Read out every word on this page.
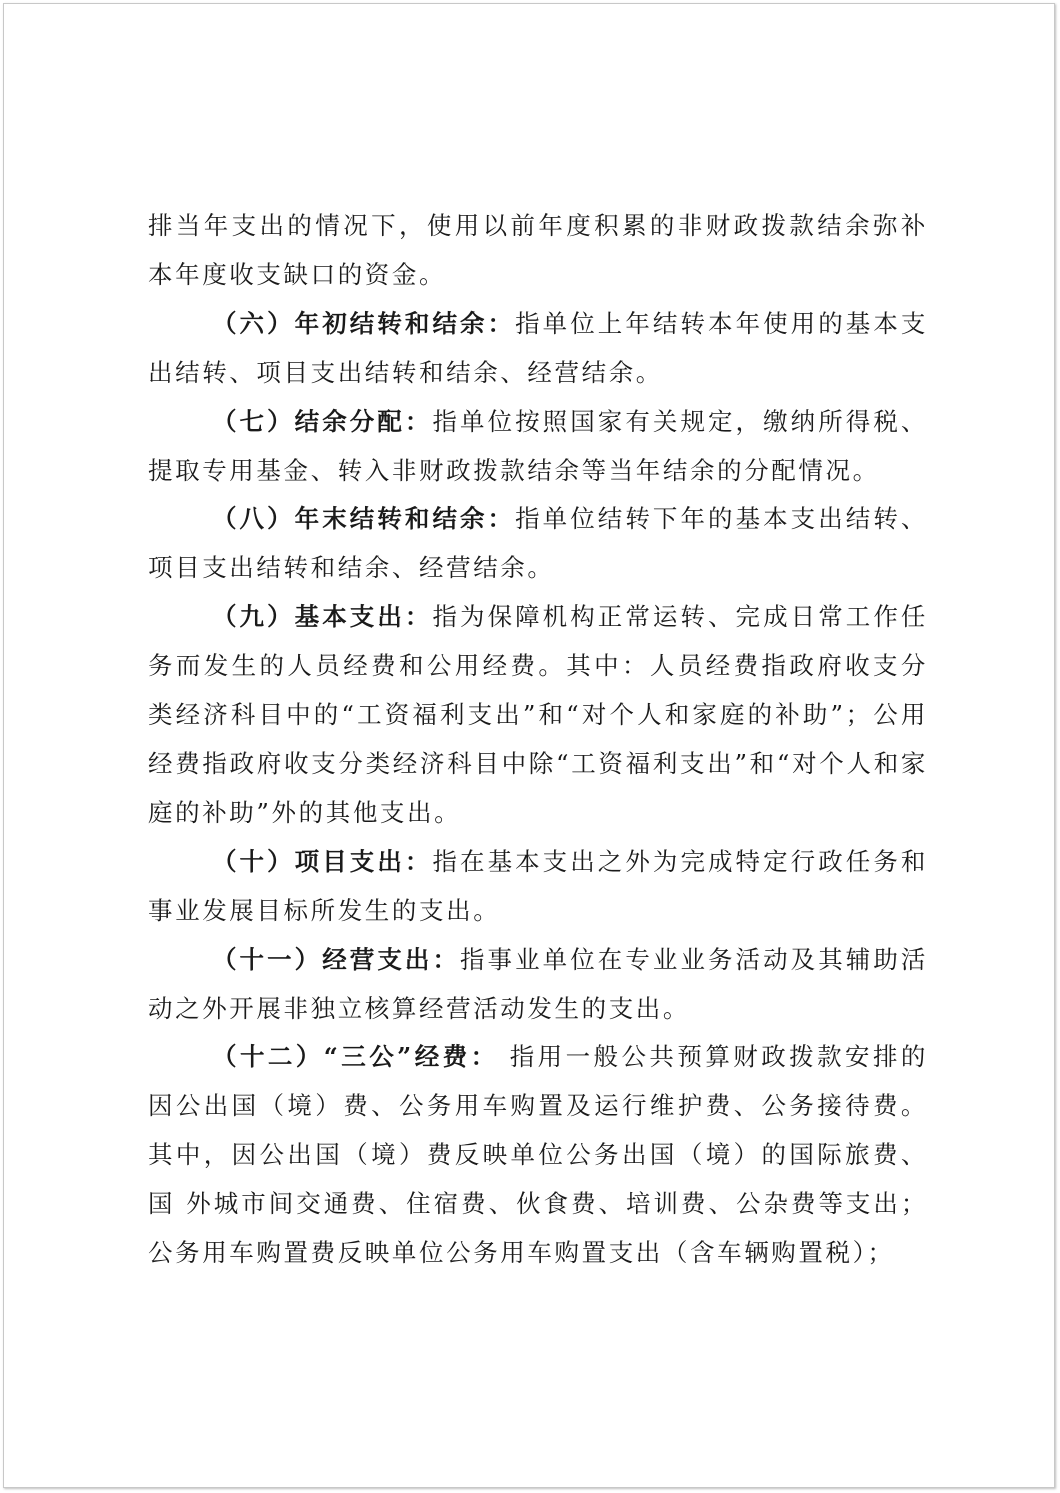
排当年支出的情况下，使用以前年度积累的非财政拨款结余弥补本年度收支缺口的资金。

（六）年初结转和结余：指单位上年结转本年使用的基本支出结转、项目支出结转和结余、经营结余。

（七）结余分配：指单位按照国家有关规定，缴纳所得税、提取专用基金、转入非财政拨款结余等当年结余的分配情况。

（八）年末结转和结余：指单位结转下年的基本支出结转、项目支出结转和结余、经营结余。

（九）基本支出：指为保障机构正常运转、完成日常工作任务而发生的人员经费和公用经费。其中：人员经费指政府收支分类经济科目中的“工资福利支出”和“对个人和家庭的补助”；公用经费指政府收支分类经济科目中除“工资福利支出”和“对个人和家庭的补助”外的其他支出。

（十）项目支出：指在基本支出之外为完成特定行政任务和事业发展目标所发生的支出。

（十一）经营支出：指事业单位在专业业务活动及其辅助活动之外开展非独立核算经营活动发生的支出。

（十二）“三公”经费： 指用一般公共预算财政拨款安排的因公出国（境）费、公务用车购置及运行维护费、公务接待费。其中，因公出国（境）费反映单位公务出国（境）的国际旅费、国 外城市间交通费、住宿费、伙食费、培训费、公杂费等支出；公务用车购置费反映单位公务用车购置支出（含车辆购置税）；
